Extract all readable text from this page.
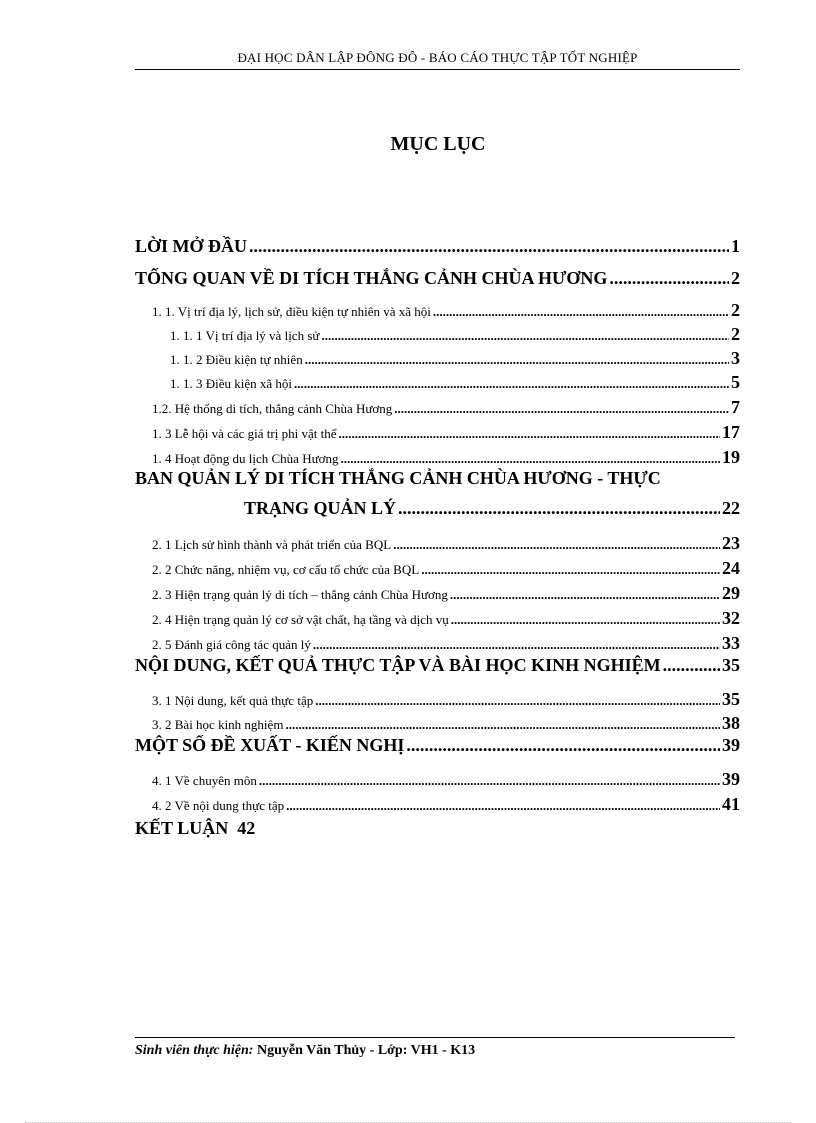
ĐẠI HỌC DÂN LẬP ĐÔNG ĐÔ - BÁO CÁO THỰC TẬP TỐT NGHIỆP
MỤC LỤC
LỜI MỞ ĐẦU .....	1
TỔNG QUAN VỀ DI TÍCH THẮNG CẢNH CHÙA HƯƠNG .....	2
1. 1. Vị trí địa lý, lịch sử, điều kiện tự nhiên và xã hội .....	2
1. 1. 1 Vị trí địa lý và lịch sử .....	2
1. 1. 2 Điều kiện tự nhiên .....	3
1. 1. 3 Điều kiện xã hội .....	5
1.2. Hệ thống di tích, thắng cảnh Chùa Hương .....	7
1. 3 Lễ hội và các giá trị phi vật thể .....	17
1. 4 Hoạt động du lịch Chùa Hương .....	19
BAN QUẢN LÝ DI TÍCH THẮNG CẢNH CHÙA HƯƠNG - THỰC
TRẠNG QUẢN LÝ .....	22
2. 1 Lịch sử hình thành và phát triển của BQL .....	23
2. 2 Chức năng, nhiệm vụ, cơ cấu tổ chức của BQL .....	24
2. 3 Hiện trạng quản lý di tích – thắng cảnh Chùa Hương .....	29
2. 4 Hiện trạng quản lý cơ sở vật chất, hạ tầng và dịch vụ .....	32
2. 5 Đánh giá công tác quản lý .....	33
NỘI DUNG, KẾT QUẢ THỰC TẬP VÀ BÀI HỌC KINH NGHIỆM .....	35
3. 1 Nội dung, kết quả thực tập .....	35
3. 2 Bài học kinh nghiệm .....	38
MỘT SỐ ĐỀ XUẤT - KIẾN NGHỊ .....	39
4. 1 Về chuyên môn .....	39
4. 2 Về nội dung thực tập .....	41
KẾT LUẬN 42
Sinh viên thực hiện: Nguyễn Văn Thủy - Lớp: VH1 - K13
